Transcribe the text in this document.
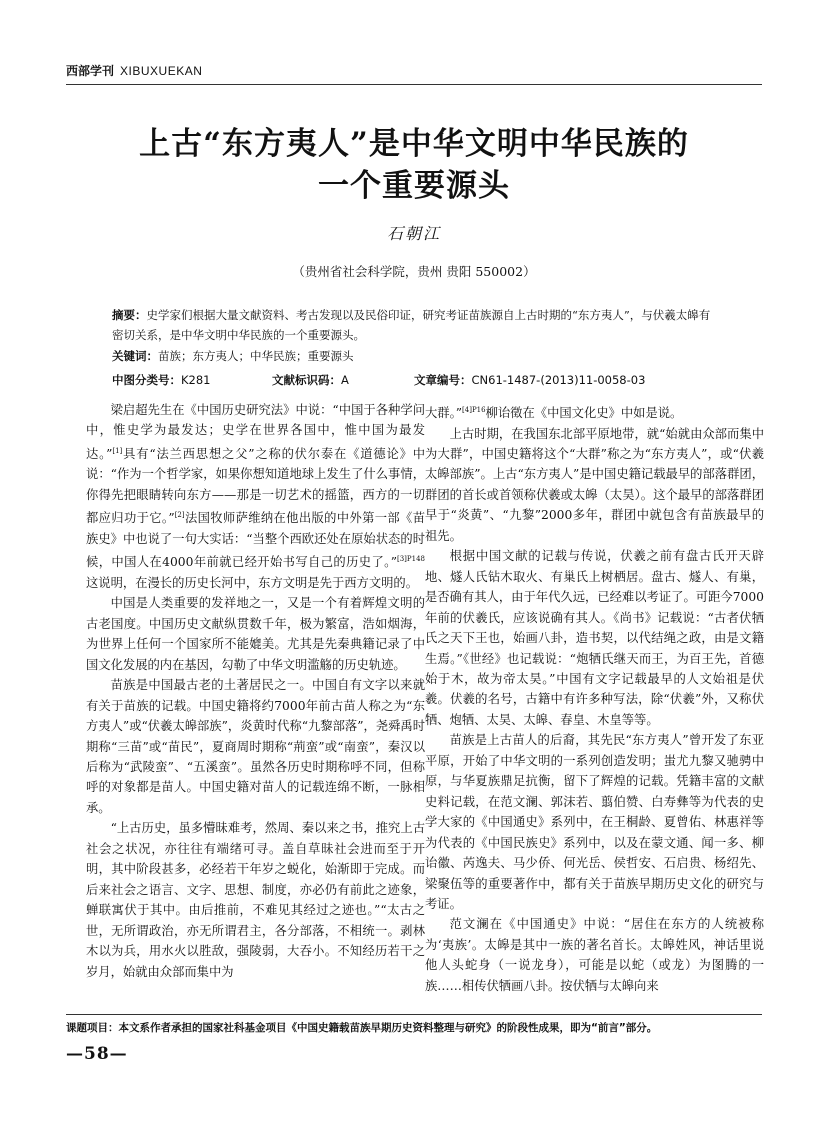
西部学刊 XIBUXUEKAN
上古“东方夷人”是中华文明中华民族的
一个重要源头
石朝江
（贵州省社会科学院，贵州 贵阳 550002）
摘要：史学家们根据大量文献资料、考古发现以及民俗印证，研究考证苗族源自上古时期的“东方夷人”，与伏羲太皞有密切关系，是中华文明中华民族的一个重要源头。
关键词：苗族；东方夷人；中华民族；重要源头
中图分类号：K281	文献标识码：A	文章编号：CN61-1487-(2013)11-0058-03

梁启超先生在《中国历史研究法》中说：“中国于各种学问中，惟史学为最发达；史学在世界各国中，惟中国为最发达。”[1]具有“法兰西思想之父”之称的伏尔泰在《道德论》中说：“作为一个哲学家，如果你想知道地球上发生了什么事情，你得先把眼睛转向东方——那是一切艺术的摇篮，西方的一切都应归功于它。”[2]法国牧师萨维纳在他出版的中外第一部《苗族史》中也说了一句大实话：“当整个西欧还处在原始状态的时候，中国人在4000年前就已经开始书写自己的历史了。”$^{[3]P148}$这说明，在漫长的历史长河中，东方文明是先于西方文明的。

中国是人类重要的发祥地之一，又是一个有着辉煌文明的古老国度。中国历史文献纵贯数千年，极为繁富，浩如烟海，为世界上任何一个国家所不能媲美。尤其是先秦典籍记录了中国文化发展的内在基因，勾勒了中华文明滥觞的历史轨迹。

苗族是中国最古老的土著居民之一。中国自有文字以来就有关于苗族的记载。中国史籍将约7000年前古苗人称之为“东方夷人”或“伏羲太皞部族”，炎黄时代称“九黎部落”，尧舜禹时期称“三苗”或“苗民”，夏商周时期称“荊蛮”或“南蛮”，秦汉以后称为“武陵蛮”、“五溪蛮”。虽然各历史时期称呼不同，但称呼的对象都是苗人。中国史籍对苗人的记载连绵不断，一脉相承。

“上古历史，虽多懵昧难考，然周、秦以来之书，推究上古社会之状况，亦往往有端绪可寻。盖自草昧社会进而至于开明，其中阶段甚多，必经若干年岁之蜕化，始渐即于完成。而后来社会之语言、文字、思想、制度，亦必仍有前此之迹象，蝉联寓伏于其中。由后推前，不难见其经过之迹也。”“太古之世，无所谓政治，亦无所谓君主，各分部落，不相统一。剥林木以为兵，用水火以胜敌，强陵弱，大吞小。不知经历若干之岁月，始就由众部而集中为

大群。”$^{[4]P16}$柳诒徵在《中国文化史》中如是说。

上古时期，在我国东北部平原地带，就“始就由众部而集中为大群”，中国史籍将这个“大群”称之为“东方夷人”，或“伏羲太皞部族”。上古“东方夷人”是中国史籍记载最早的部落群团，群团的首长或首领称伏羲或太皞（太昊）。这个最早的部落群团早于“炎黄”、“九黎”2000多年，群团中就包含有苗族最早的祖先。

根据中国文献的记载与传说，伏羲之前有盘古氏开天辟地、燧人氏钻木取火、有巢氏上树栖居。盘古、燧人、有巢，是否确有其人，由于年代久远，已经难以考证了。可距今7000年前的伏羲氏，应该说确有其人。《尚书》记载说：“古者伏牺氏之天下王也，始画八卦，造书契，以代结绳之政，由是文籍生焉。”《世经》也记载说：“炮牺氏继天而王，为百王先，首德始于木，故为帝太昊。”中国有文字记载最早的人文始祖是伏羲。伏羲的名号，古籍中有许多种写法，除“伏羲”外，又称伏牺、炮牺、太昊、太皞、春皇、木皇等等。

苗族是上古苗人的后裔，其先民“东方夷人”曾开发了东亚平原，开始了中华文明的一系列创造发明；蚩尤九黎又驰骋中原，与华夏族鼎足抗衡，留下了辉煌的记载。凭籍丰富的文献史料记载，在范文澜、郭沫若、翦伯赞、白寿彝等为代表的史学大家的《中国通史》系列中，在王桐龄、夏曾佑、林惠祥等为代表的《中国民族史》系列中，以及在蒙文通、闻一多、柳诒徽、芮逸夫、马少侨、何光岳、侯哲安、石启贵、杨绍先、梁聚伍等的重要著作中，都有关于苗族早期历史文化的研究与考证。

范文澜在《中国通史》中说：“居住在东方的人统被称为‘夷族’。太皞是其中一族的著名首长。太皞姓风，神话里说他人头蛇身（一说龙身），可能是以蛇（或龙）为图腾的一族……相传伏牺画八卦。按伏牺与太皞向来

课题项目：本文系作者承担的国家社科基金项目《中国史籍载苗族早期历史资料整理与研究》的阶段性成果，即为“前言”部分。
—58—
